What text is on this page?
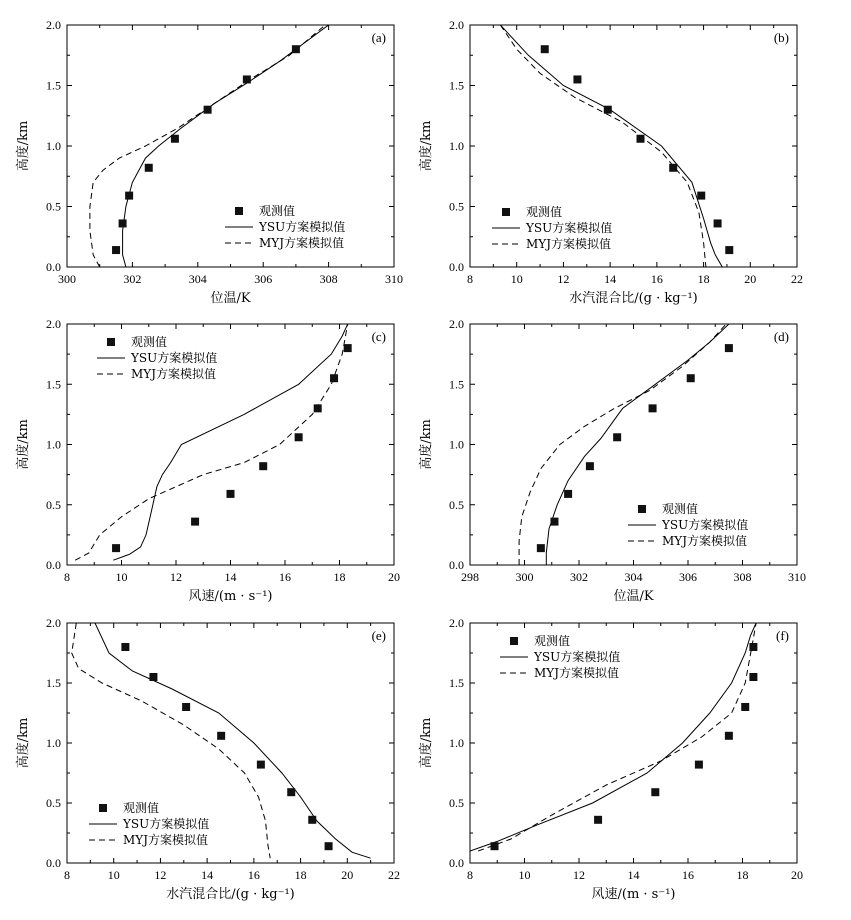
300	302	304	306	308	310
0.0
0.5
1.0
1.5
2.0
位温/K
高度/km
(a)
观测值
YSU方案模拟值
MYJ方案模拟值
8	10	12	14	16	18	20	22
0.0
0.5
1.0
1.5
2.0
水汽混合比/(g · kg⁻¹)
高度/km
(b)
观测值
YSU方案模拟值
MYJ方案模拟值
8	10	12	14	16	18	20
0.0
0.5
1.0
1.5
2.0
风速/(m · s⁻¹)
高度/km
(c)
观测值
YSU方案模拟值
MYJ方案模拟值
298	300	302	304	306	308	310
0.0
0.5
1.0
1.5
2.0
位温/K
高度/km
(d)
观测值
YSU方案模拟值
MYJ方案模拟值
8	10	12	14	16	18	20	22
0.0
0.5
1.0
1.5
2.0
水汽混合比/(g · kg⁻¹)
高度/km
(e)
观测值
YSU方案模拟值
MYJ方案模拟值
8	10	12	14	16	18	20
0.0
0.5
1.0
1.5
2.0
风速/(m · s⁻¹)
高度/km
(f)
观测值
YSU方案模拟值
MYJ方案模拟值
